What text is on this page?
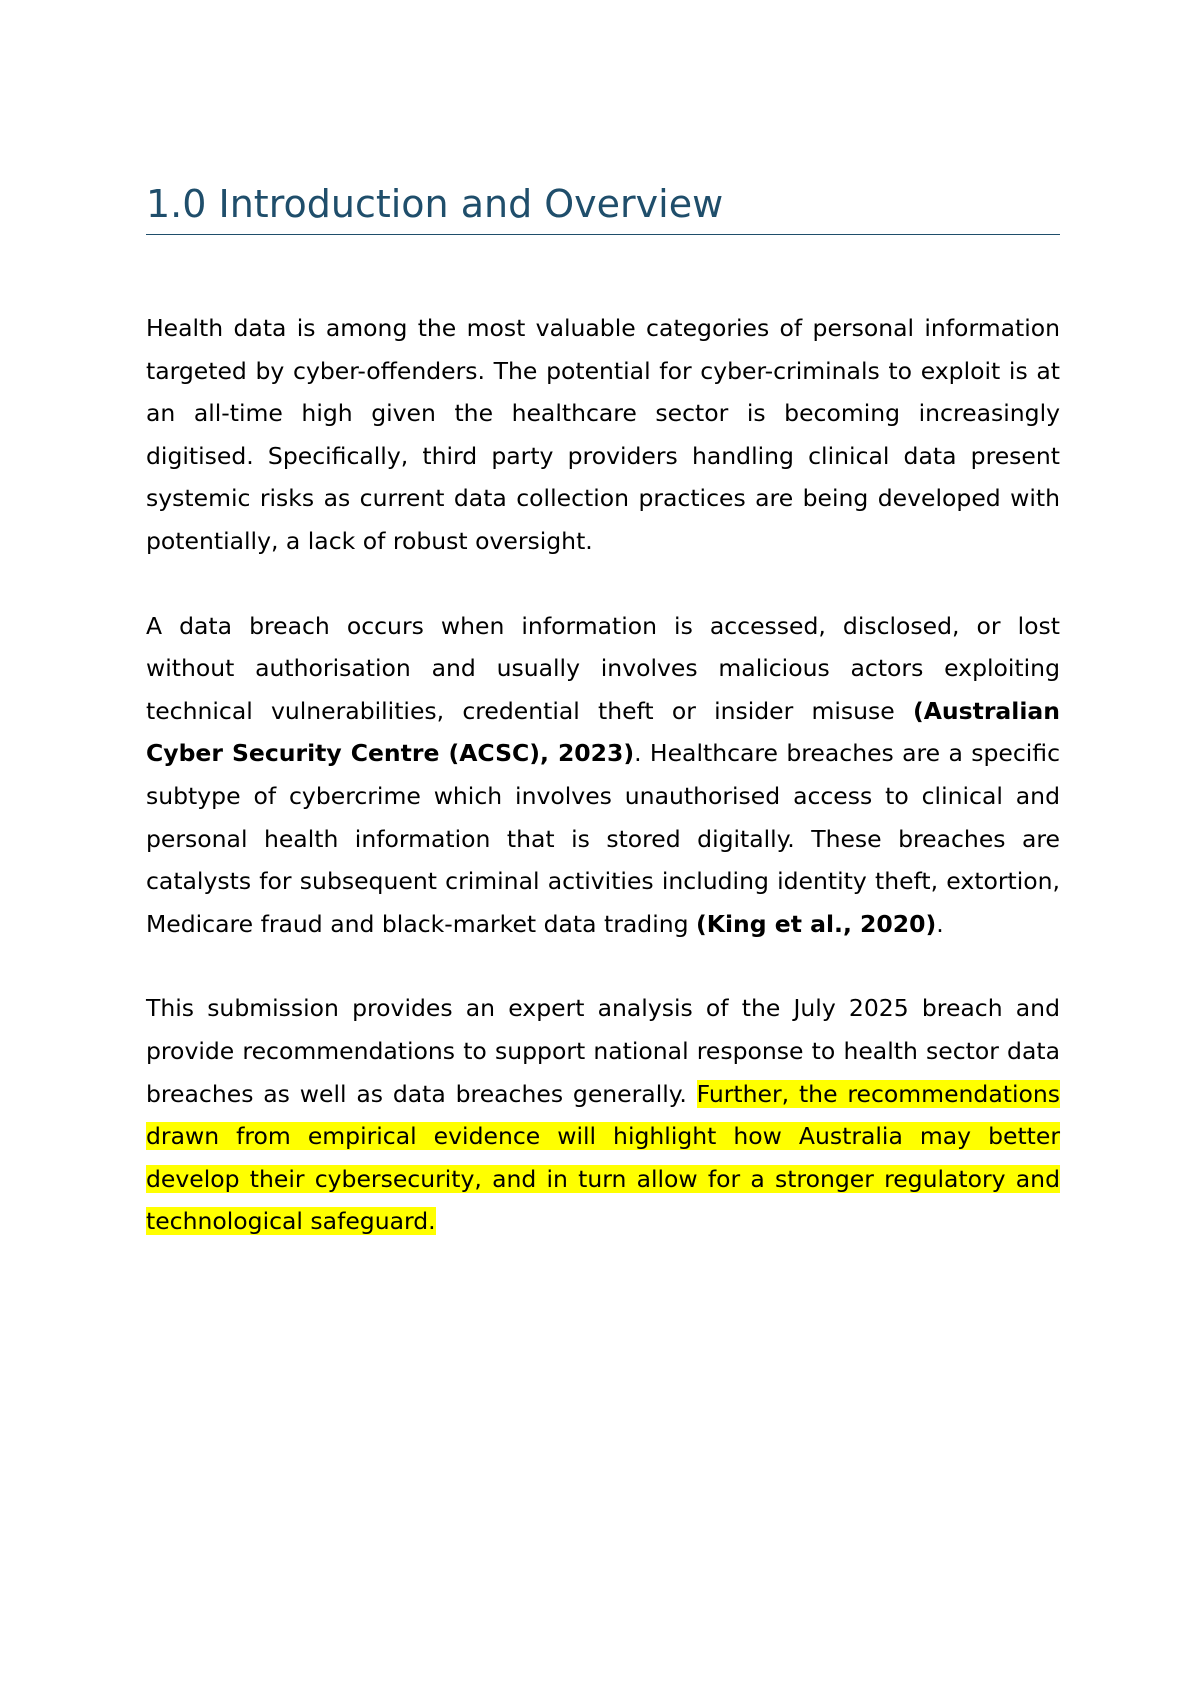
1.0 Introduction and Overview

Health data is among the most valuable categories of personal information targeted by cyber-offenders. The potential for cyber-criminals to exploit is at an all-time high given the healthcare sector is becoming increasingly digitised. Specifically, third party providers handling clinical data present systemic risks as current data collection practices are being developed with potentially, a lack of robust oversight.

A data breach occurs when information is accessed, disclosed, or lost without authorisation and usually involves malicious actors exploiting technical vulnerabilities, credential theft or insider misuse (Australian Cyber Security Centre (ACSC), 2023). Healthcare breaches are a specific subtype of cybercrime which involves unauthorised access to clinical and personal health information that is stored digitally. These breaches are catalysts for subsequent criminal activities including identity theft, extortion, Medicare fraud and black-market data trading (King et al., 2020).

This submission provides an expert analysis of the July 2025 breach and provide recommendations to support national response to health sector data breaches as well as data breaches generally. Further, the recommendations drawn from empirical evidence will highlight how Australia may better develop their cybersecurity, and in turn allow for a stronger regulatory and technological safeguard.
